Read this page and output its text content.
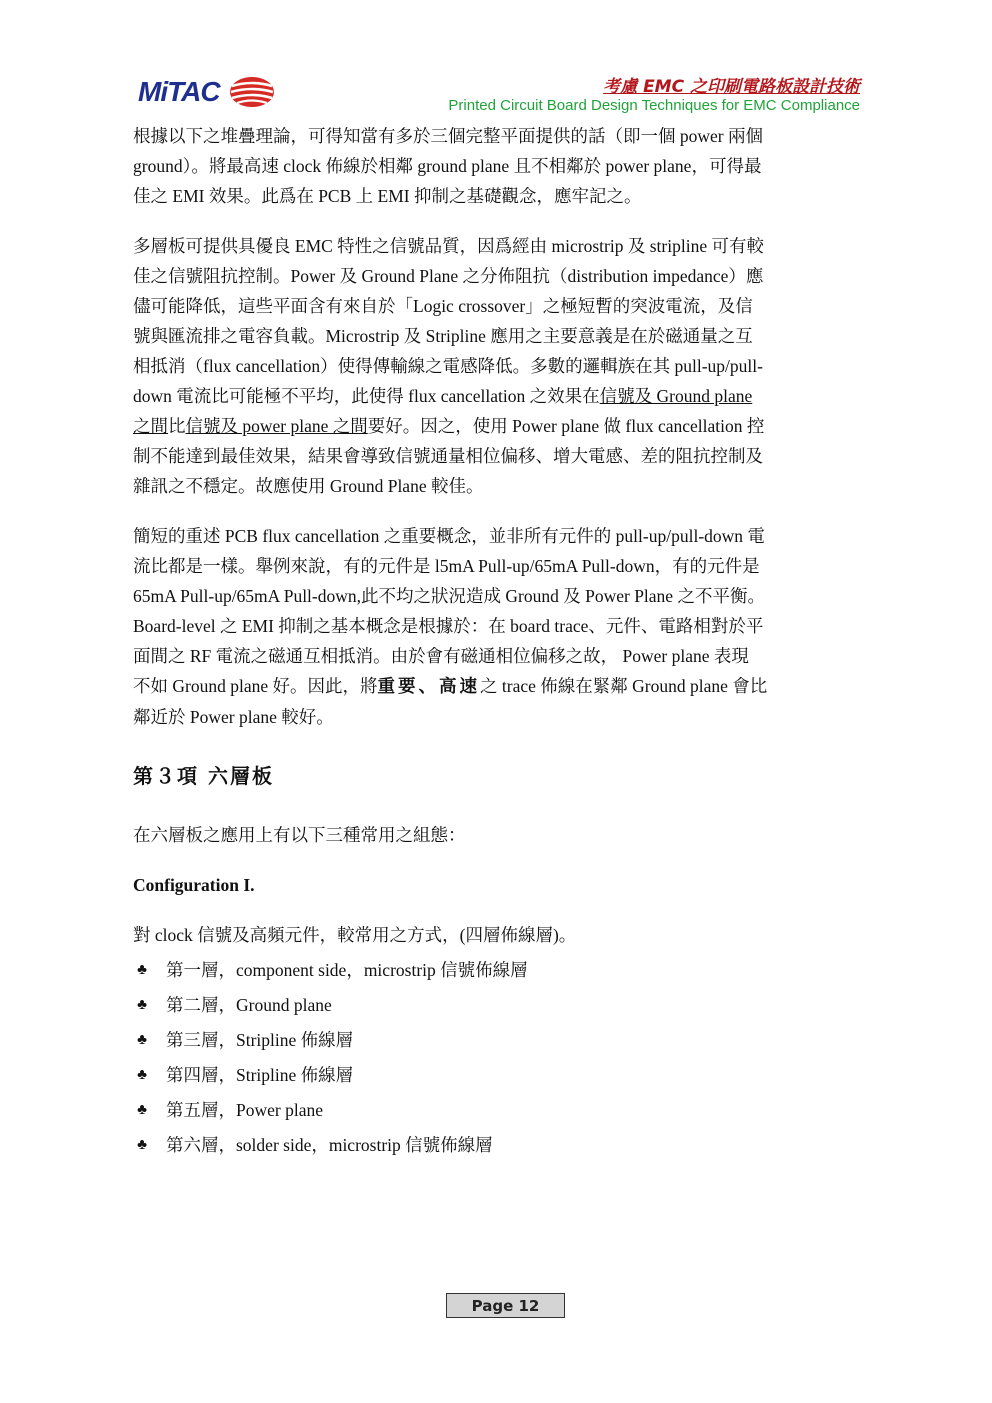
MiTAC	考慮 EMC 之印刷電路板設計技術
Printed Circuit Board Design Techniques for EMC Compliance

根據以下之堆疊理論，可得知當有多於三個完整平面提供的話（即一個 power 兩個
ground）。將最高速 clock 佈線於相鄰 ground plane 且不相鄰於 power plane，可得最
佳之 EMI 效果。此爲在 PCB 上 EMI 抑制之基礎觀念，應牢記之。

多層板可提供具優良 EMC 特性之信號品質，因爲經由 microstrip 及 stripline 可有較
佳之信號阻抗控制。Power 及 Ground Plane 之分佈阻抗（distribution impedance）應
儘可能降低，這些平面含有來自於「Logic crossover」之極短暫的突波電流，及信
號與匯流排之電容負載。Microstrip 及 Stripline 應用之主要意義是在於磁通量之互
相抵消（flux cancellation）使得傳輸線之電感降低。多數的邏輯族在其 pull-up/pull-
down 電流比可能極不平均，此使得 flux cancellation 之效果在信號及 Ground plane
之間比信號及 power plane 之間要好。因之，使用 Power plane 做 flux cancellation 控
制不能達到最佳效果，結果會導致信號通量相位偏移、增大電感、差的阻抗控制及
雜訊之不穩定。故應使用 Ground Plane 較佳。

簡短的重述 PCB flux cancellation 之重要概念，並非所有元件的 pull-up/pull-down 電
流比都是一樣。舉例來說，有的元件是 l5mA Pull-up/65mA Pull-down，有的元件是
65mA Pull-up/65mA Pull-down,此不均之狀況造成 Ground 及 Power Plane 之不平衡。
Board-level 之 EMI 抑制之基本概念是根據於：在 board trace、元件、電路相對於平
面間之 RF 電流之磁通互相抵消。由於會有磁通相位偏移之故， Power plane 表現
不如 Ground plane 好。因此，將重要、高速之 trace 佈線在緊鄰 Ground plane 會比
鄰近於 Power plane 較好。

第３項 六層板
在六層板之應用上有以下三種常用之組態：
Configuration I.
對 clock 信號及高頻元件，較常用之方式，(四層佈線層)。
♣ 第一層，component side，microstrip 信號佈線層
♣ 第二層，Ground plane
♣ 第三層，Stripline 佈線層
♣ 第四層，Stripline 佈線層
♣ 第五層，Power plane
♣ 第六層，solder side，microstrip 信號佈線層
Page 12
